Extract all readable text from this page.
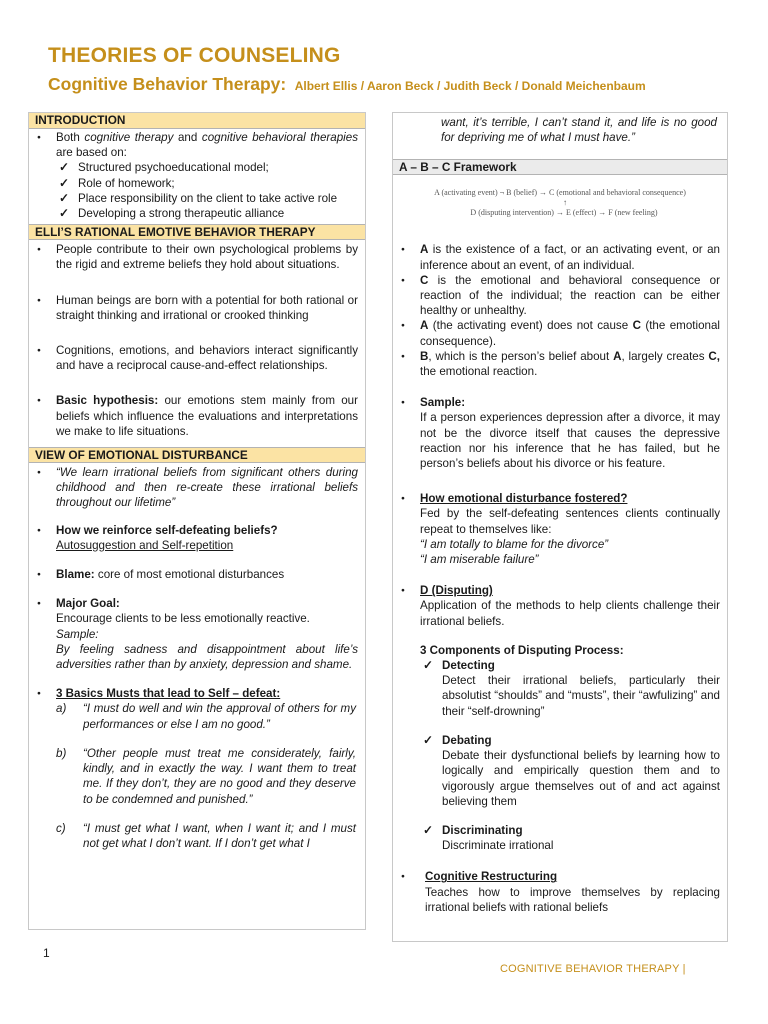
THEORIES OF COUNSELING
Cognitive Behavior Therapy: Albert Ellis / Aaron Beck / Judith Beck / Donald Meichenbaum
INTRODUCTION
● Both cognitive therapy and cognitive behavioral therapies are based on:
✓ Structured psychoeducational model;
✓ Role of homework;
✓ Place responsibility on the client to take active role
✓ Developing a strong therapeutic alliance
ELLI’S RATIONAL EMOTIVE BEHAVIOR THERAPY
● People contribute to their own psychological problems by the rigid and extreme beliefs they hold about situations.
● Human beings are born with a potential for both rational or straight thinking and irrational or crooked thinking
● Cognitions, emotions, and behaviors interact significantly and have a reciprocal cause-and-effect relationships.
● Basic hypothesis: our emotions stem mainly from our beliefs which influence the evaluations and interpretations we make to life situations.
VIEW OF EMOTIONAL DISTURBANCE
● “We learn irrational beliefs from significant others during childhood and then re-create these irrational beliefs throughout our lifetime”
● How we reinforce self-defeating beliefs?
Autosuggestion and Self-repetition
● Blame: core of most emotional disturbances
● Major Goal:
Encourage clients to be less emotionally reactive.
Sample:
By feeling sadness and disappointment about life’s adversities rather than by anxiety, depression and shame.
● 3 Basics Musts that lead to Self – defeat:
a) “I must do well and win the approval of others for my performances or else I am no good.”
b) “Other people must treat me considerately, fairly, kindly, and in exactly the way. I want them to treat me. If they don’t, they are no good and they deserve to be condemned and punished.”
c) “I must get what I want, when I want it; and I must not get what I don’t want. If I don’t get what I
want, it’s terrible, I can’t stand it, and life is no good for depriving me of what I must have.”
A – B – C Framework
A (activating event) ¬ B (belief) → C (emotional and behavioral consequence)
↑
D (disputing intervention) → E (effect) → F (new feeling)
● A is the existence of a fact, or an activating event, or an inference about an event, of an individual.
● C is the emotional and behavioral consequence or reaction of the individual; the reaction can be either healthy or unhealthy.
● A (the activating event) does not cause C (the emotional consequence).
● B, which is the person’s belief about A, largely creates C, the emotional reaction.
● Sample:
If a person experiences depression after a divorce, it may not be the divorce itself that causes the depressive reaction nor his inference that he has failed, but he person’s beliefs about his divorce or his feature.
● How emotional disturbance fostered?
Fed by the self-defeating sentences clients continually repeat to themselves like:
“I am totally to blame for the divorce”
“I am miserable failure”
● D (Disputing)
Application of the methods to help clients challenge their irrational beliefs.
3 Components of Disputing Process:
✓ Detecting
Detect their irrational beliefs, particularly their absolutist “shoulds” and “musts”, their “awfulizing” and their “self-drowning”
✓ Debating
Debate their dysfunctional beliefs by learning how to logically and empirically question them and to vigorously argue themselves out of and act against believing them
✓ Discriminating
Discriminate irrational
● Cognitive Restructuring
Teaches how to improve themselves by replacing irrational beliefs with rational beliefs
1
COGNITIVE BEHAVIOR THERAPY |
